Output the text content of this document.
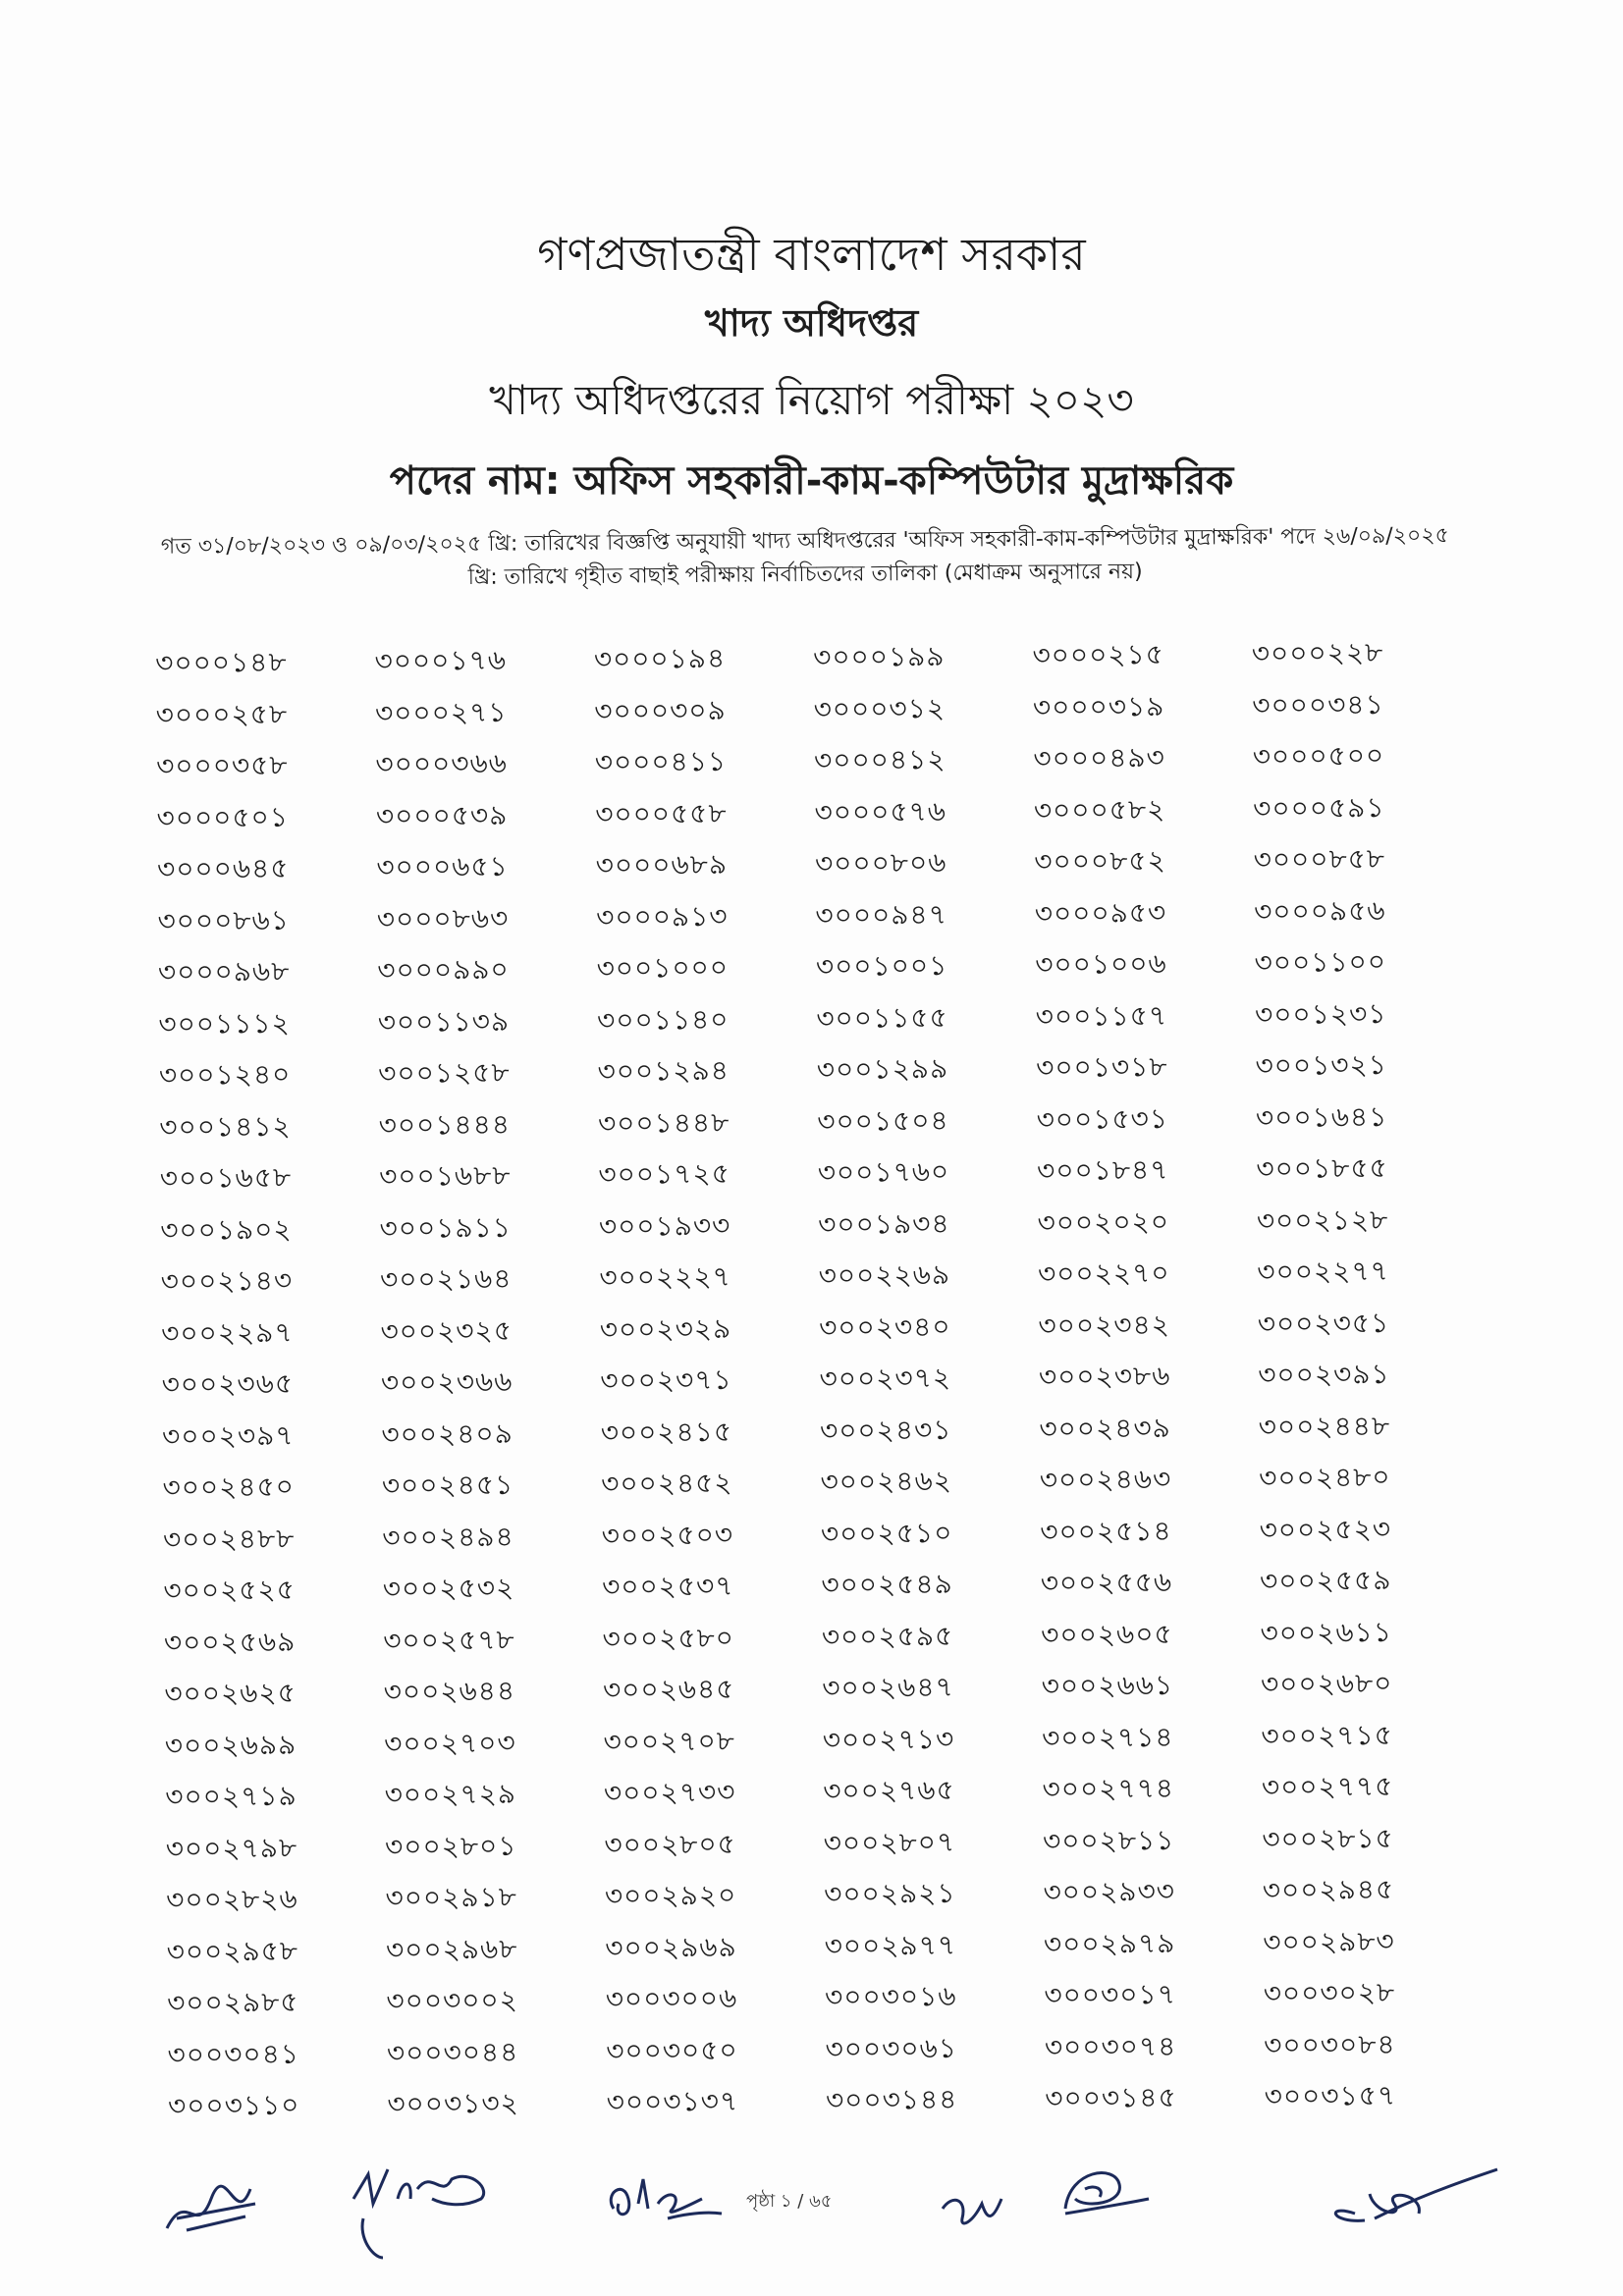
গণপ্রজাতন্ত্রী বাংলাদেশ সরকার
খাদ্য অধিদপ্তর
খাদ্য অধিদপ্তরের নিয়োগ পরীক্ষা ২০২৩
পদের নাম: অফিস সহকারী-কাম-কম্পিউটার মুদ্রাক্ষরিক
গত ৩১/০৮/২০২৩ ও ০৯/০৩/২০২৫ খ্রি: তারিখের বিজ্ঞপ্তি অনুযায়ী খাদ্য অধিদপ্তরের 'অফিস সহকারী-কাম-কম্পিউটার মুদ্রাক্ষরিক' পদে ২৬/০৯/২০২৫ খ্রি: তারিখে গৃহীত বাছাই পরীক্ষায় নির্বাচিতদের তালিকা (মেধাক্রম অনুসারে নয়)
৩০০০১৪৮	৩০০০১৭৬	৩০০০১৯৪	৩০০০১৯৯	৩০০০২১৫	৩০০০২২৮
৩০০০২৫৮	৩০০০২৭১	৩০০০৩০৯	৩০০০৩১২	৩০০০৩১৯	৩০০০৩৪১
৩০০০৩৫৮	৩০০০৩৬৬	৩০০০৪১১	৩০০০৪১২	৩০০০৪৯৩	৩০০০৫০০
৩০০০৫০১	৩০০০৫৩৯	৩০০০৫৫৮	৩০০০৫৭৬	৩০০০৫৮২	৩০০০৫৯১
৩০০০৬৪৫	৩০০০৬৫১	৩০০০৬৮৯	৩০০০৮০৬	৩০০০৮৫২	৩০০০৮৫৮
৩০০০৮৬১	৩০০০৮৬৩	৩০০০৯১৩	৩০০০৯৪৭	৩০০০৯৫৩	৩০০০৯৫৬
৩০০০৯৬৮	৩০০০৯৯০	৩০০১০০০	৩০০১০০১	৩০০১০০৬	৩০০১১০০
৩০০১১১২	৩০০১১৩৯	৩০০১১৪০	৩০০১১৫৫	৩০০১১৫৭	৩০০১২৩১
৩০০১২৪০	৩০০১২৫৮	৩০০১২৯৪	৩০০১২৯৯	৩০০১৩১৮	৩০০১৩২১
৩০০১৪১২	৩০০১৪৪৪	৩০০১৪৪৮	৩০০১৫০৪	৩০০১৫৩১	৩০০১৬৪১
৩০০১৬৫৮	৩০০১৬৮৮	৩০০১৭২৫	৩০০১৭৬০	৩০০১৮৪৭	৩০০১৮৫৫
৩০০১৯০২	৩০০১৯১১	৩০০১৯৩৩	৩০০১৯৩৪	৩০০২০২০	৩০০২১২৮
৩০০২১৪৩	৩০০২১৬৪	৩০০২২২৭	৩০০২২৬৯	৩০০২২৭০	৩০০২২৭৭
৩০০২২৯৭	৩০০২৩২৫	৩০০২৩২৯	৩০০২৩৪০	৩০০২৩৪২	৩০০২৩৫১
৩০০২৩৬৫	৩০০২৩৬৬	৩০০২৩৭১	৩০০২৩৭২	৩০০২৩৮৬	৩০০২৩৯১
৩০০২৩৯৭	৩০০২৪০৯	৩০০২৪১৫	৩০০২৪৩১	৩০০২৪৩৯	৩০০২৪৪৮
৩০০২৪৫০	৩০০২৪৫১	৩০০২৪৫২	৩০০২৪৬২	৩০০২৪৬৩	৩০০২৪৮০
৩০০২৪৮৮	৩০০২৪৯৪	৩০০২৫০৩	৩০০২৫১০	৩০০২৫১৪	৩০০২৫২৩
৩০০২৫২৫	৩০০২৫৩২	৩০০২৫৩৭	৩০০২৫৪৯	৩০০২৫৫৬	৩০০২৫৫৯
৩০০২৫৬৯	৩০০২৫৭৮	৩০০২৫৮০	৩০০২৫৯৫	৩০০২৬০৫	৩০০২৬১১
৩০০২৬২৫	৩০০২৬৪৪	৩০০২৬৪৫	৩০০২৬৪৭	৩০০২৬৬১	৩০০২৬৮০
৩০০২৬৯৯	৩০০২৭০৩	৩০০২৭০৮	৩০০২৭১৩	৩০০২৭১৪	৩০০২৭১৫
৩০০২৭১৯	৩০০২৭২৯	৩০০২৭৩৩	৩০০২৭৬৫	৩০০২৭৭৪	৩০০২৭৭৫
৩০০২৭৯৮	৩০০২৮০১	৩০০২৮০৫	৩০০২৮০৭	৩০০২৮১১	৩০০২৮১৫
৩০০২৮২৬	৩০০২৯১৮	৩০০২৯২০	৩০০২৯২১	৩০০২৯৩৩	৩০০২৯৪৫
৩০০২৯৫৮	৩০০২৯৬৮	৩০০২৯৬৯	৩০০২৯৭৭	৩০০২৯৭৯	৩০০২৯৮৩
৩০০২৯৮৫	৩০০৩০০২	৩০০৩০০৬	৩০০৩০১৬	৩০০৩০১৭	৩০০৩০২৮
৩০০৩০৪১	৩০০৩০৪৪	৩০০৩০৫০	৩০০৩০৬১	৩০০৩০৭৪	৩০০৩০৮৪
৩০০৩১১০	৩০০৩১৩২	৩০০৩১৩৭	৩০০৩১৪৪	৩০০৩১৪৫	৩০০৩১৫৭
পৃষ্ঠা ১ / ৬৫
